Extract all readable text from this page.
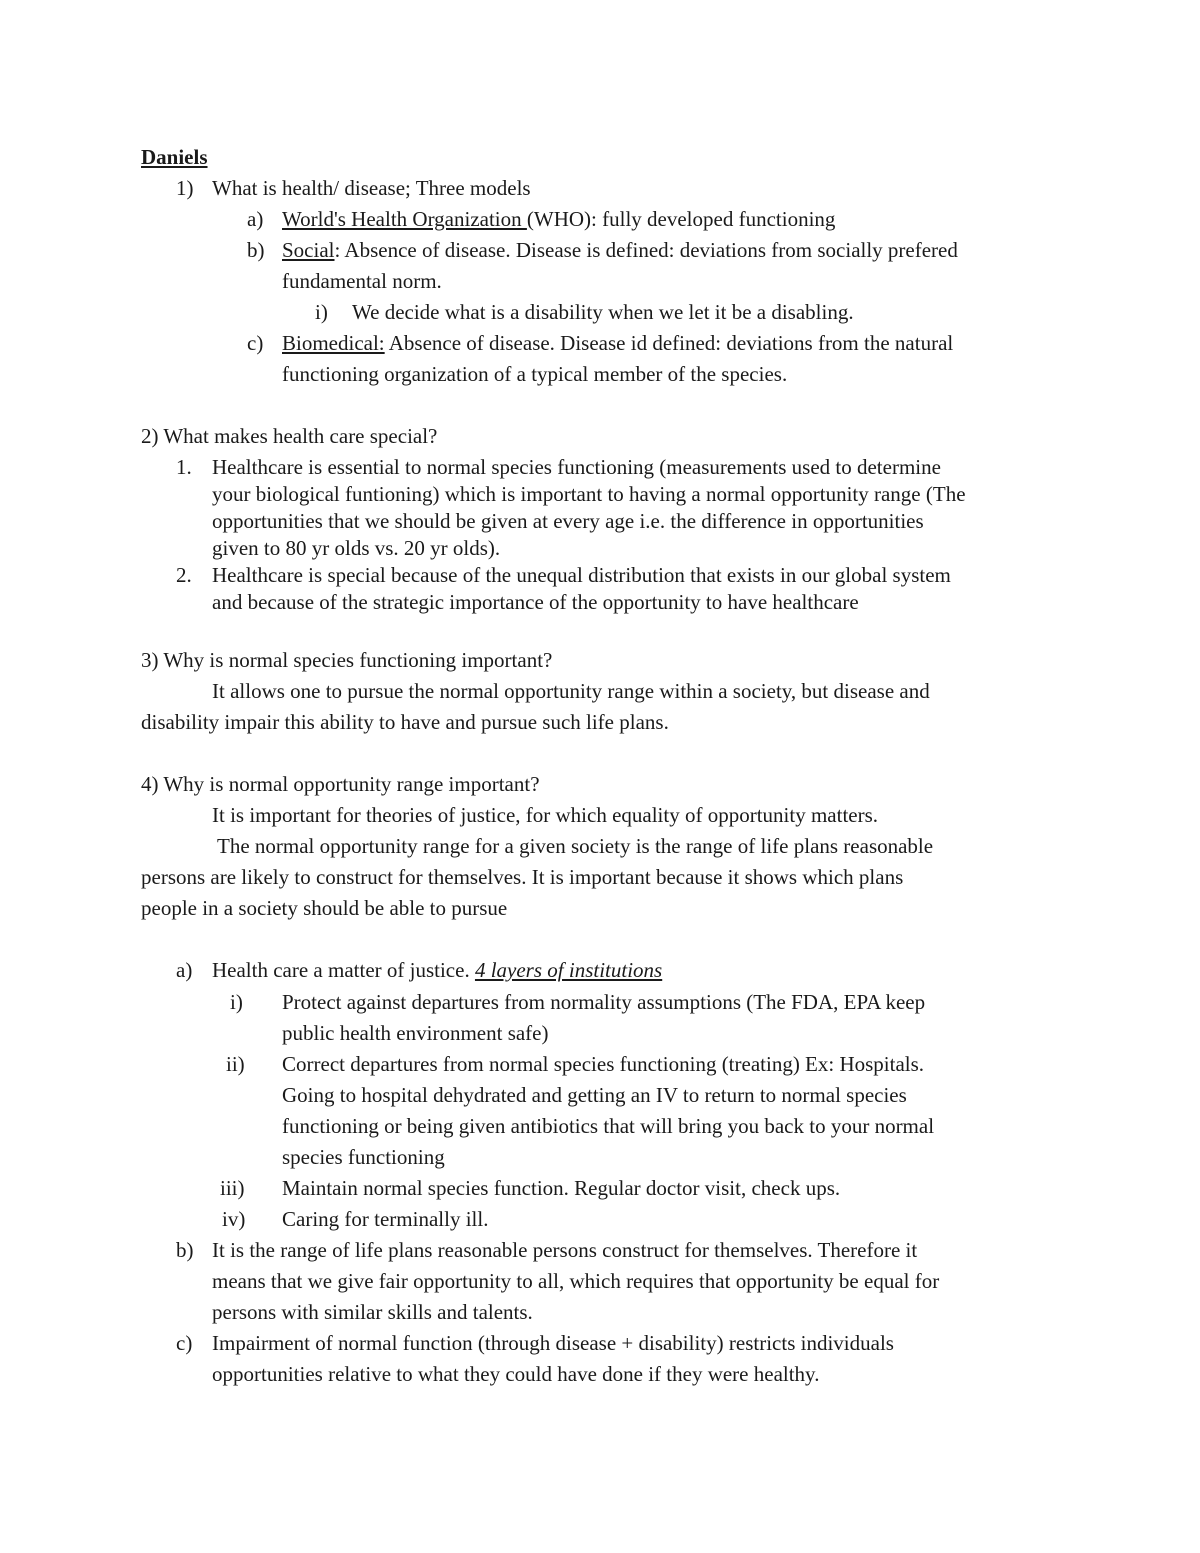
Daniels
1) What is health/ disease; Three models
a) World's Health Organization (WHO): fully developed functioning
b) Social: Absence of disease. Disease is defined: deviations from socially prefered
fundamental norm.
i) We decide what is a disability when we let it be a disabling.
c) Biomedical: Absence of disease. Disease id defined: deviations from the natural
functioning organization of a typical member of the species.
2) What makes health care special?
1. Healthcare is essential to normal species functioning (measurements used to determine
your biological funtioning) which is important to having a normal opportunity range (The
opportunities that we should be given at every age i.e. the difference in opportunities
given to 80 yr olds vs. 20 yr olds).
2. Healthcare is special because of the unequal distribution that exists in our global system
and because of the strategic importance of the opportunity to have healthcare
3) Why is normal species functioning important?
It allows one to pursue the normal opportunity range within a society, but disease and
disability impair this ability to have and pursue such life plans.
4) Why is normal opportunity range important?
It is important for theories of justice, for which equality of opportunity matters.
The normal opportunity range for a given society is the range of life plans reasonable
persons are likely to construct for themselves. It is important because it shows which plans
people in a society should be able to pursue
a) Health care a matter of justice. 4 layers of institutions
i) Protect against departures from normality assumptions (The FDA, EPA keep
public health environment safe)
ii) Correct departures from normal species functioning (treating) Ex: Hospitals.
Going to hospital dehydrated and getting an IV to return to normal species
functioning or being given antibiotics that will bring you back to your normal
species functioning
iii) Maintain normal species function. Regular doctor visit, check ups.
iv) Caring for terminally ill.
b) It is the range of life plans reasonable persons construct for themselves. Therefore it
means that we give fair opportunity to all, which requires that opportunity be equal for
persons with similar skills and talents.
c) Impairment of normal function (through disease + disability) restricts individuals
opportunities relative to what they could have done if they were healthy.
